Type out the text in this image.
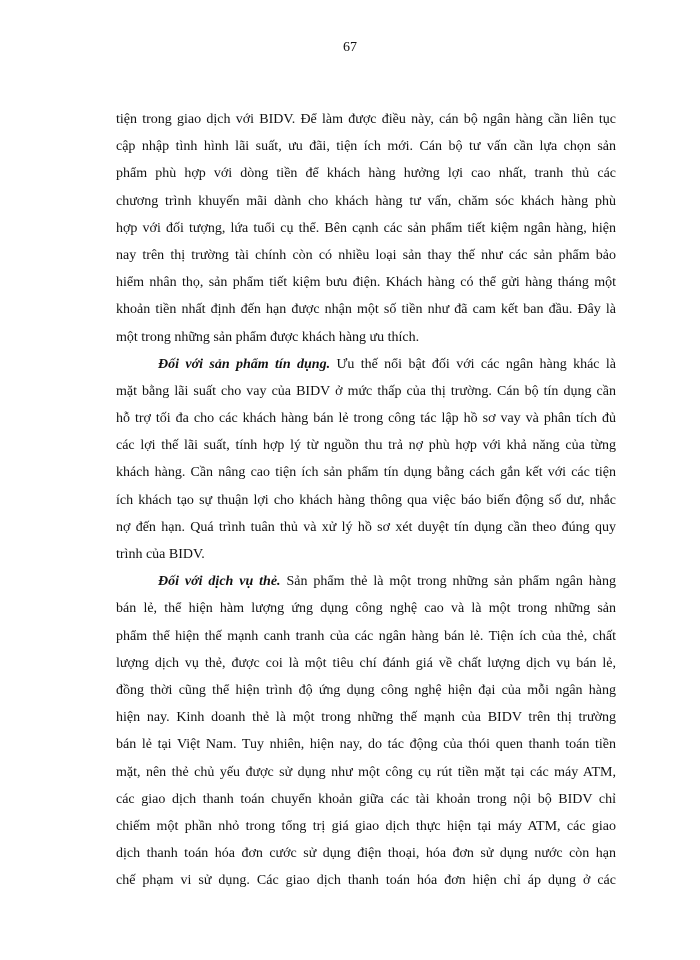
67
tiện trong giao dịch với BIDV. Để làm được điều này, cán bộ ngân hàng cần liên tục
cập nhập tình hình lãi suất, ưu đãi, tiện ích mới. Cán bộ tư vấn cần lựa chọn sản
phẩm phù hợp với dòng tiền để khách hàng hưởng lợi cao nhất, tranh thủ các
chương trình khuyến mãi dành cho khách hàng tư vấn, chăm sóc khách hàng phù
hợp với đối tượng, lứa tuổi cụ thể. Bên cạnh các sản phẩm tiết kiệm ngân hàng, hiện
nay trên thị trường tài chính còn có nhiều loại sản thay thế như các sản phẩm bảo
hiểm nhân thọ, sản phẩm tiết kiệm bưu điện. Khách hàng có thể gửi hàng tháng một
khoản tiền nhất định đến hạn được nhận một số tiền như đã cam kết ban đầu. Đây là
một trong những sản phẩm được khách hàng ưu thích.
Đối với sản phẩm tín dụng. Ưu thế nổi bật đối với các ngân hàng khác là
mặt bằng lãi suất cho vay của BIDV ở mức thấp của thị trường. Cán bộ tín dụng cần
hỗ trợ tối đa cho các khách hàng bán lẻ trong công tác lập hồ sơ vay và phân tích đủ
các lợi thế lãi suất, tính hợp lý từ nguồn thu trả nợ phù hợp với khả năng của từng
khách hàng. Cần nâng cao tiện ích sản phẩm tín dụng bằng cách gắn kết với các tiện
ích khách tạo sự thuận lợi cho khách hàng thông qua việc báo biến động số dư, nhắc
nợ đến hạn. Quá trình tuân thủ và xử lý hồ sơ xét duyệt tín dụng cần theo đúng quy
trình của BIDV.
Đối với dịch vụ thẻ. Sản phẩm thẻ là một trong những sản phẩm ngân hàng
bán lẻ, thể hiện hàm lượng ứng dụng công nghệ cao và là một trong những sản
phẩm thể hiện thế mạnh canh tranh của các ngân hàng bán lẻ. Tiện ích của thẻ, chất
lượng dịch vụ thẻ, được coi là một tiêu chí đánh giá về chất lượng dịch vụ bán lẻ,
đồng thời cũng thể hiện trình độ ứng dụng công nghệ hiện đại của mỗi ngân hàng
hiện nay. Kinh doanh thẻ là một trong những thế mạnh của BIDV trên thị trường
bán lẻ tại Việt Nam. Tuy nhiên, hiện nay, do tác động của thói quen thanh toán tiền
mặt, nên thẻ chủ yếu được sử dụng như một công cụ rút tiền mặt tại các máy ATM,
các giao dịch thanh toán chuyển khoản giữa các tài khoản trong nội bộ BIDV chỉ
chiếm một phần nhỏ trong tổng trị giá giao dịch thực hiện tại máy ATM, các giao
dịch thanh toán hóa đơn cước sử dụng điện thoại, hóa đơn sử dụng nước còn hạn
chế phạm vi sử dụng. Các giao dịch thanh toán hóa đơn hiện chỉ áp dụng ở các
